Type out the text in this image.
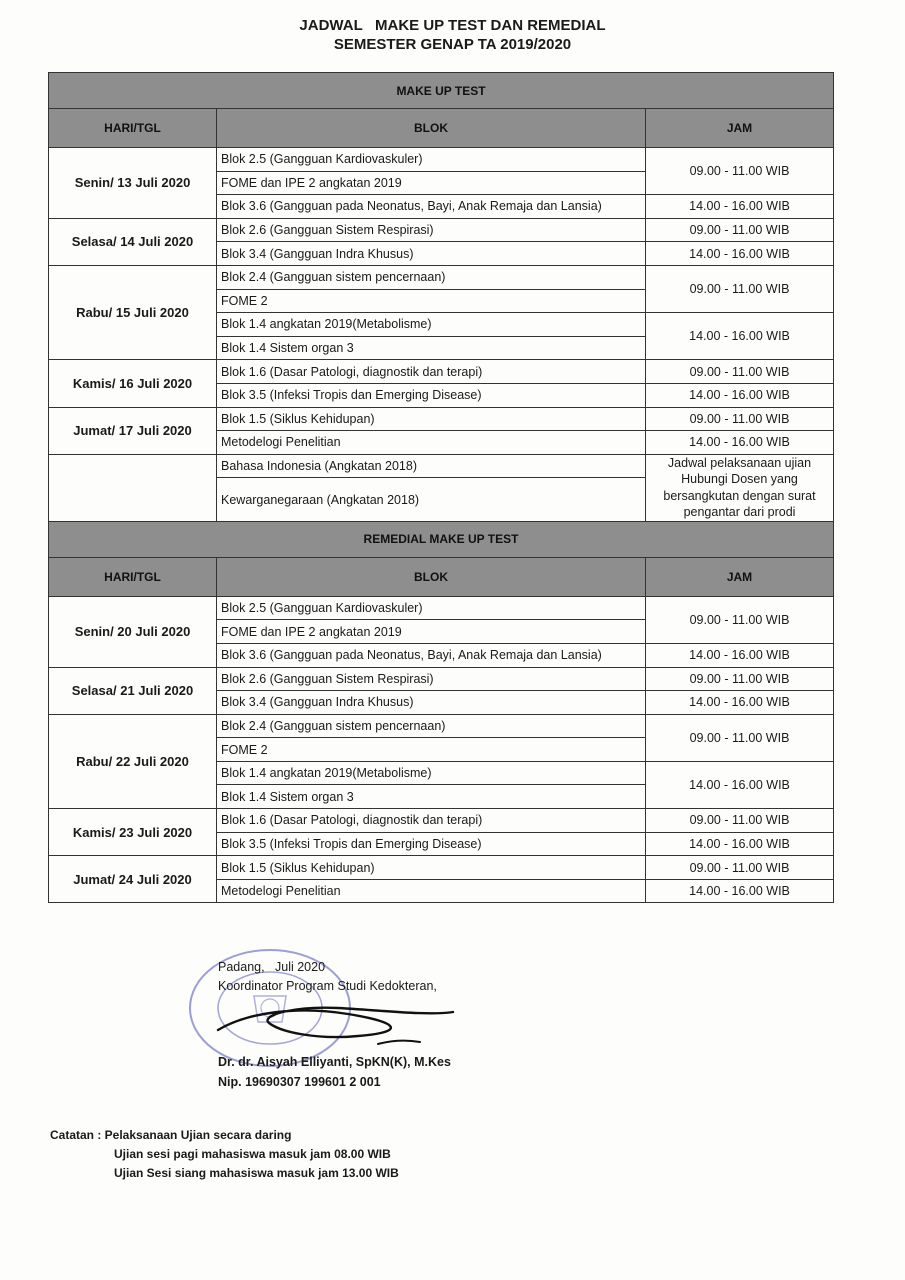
JADWAL   MAKE UP TEST DAN REMEDIAL
SEMESTER GENAP TA 2019/2020
MAKE UP TEST		
HARI/TGL	BLOK	JAM
Senin/ 13 Juli 2020	Blok 2.5 (Gangguan Kardiovaskuler)	09.00 - 11.00 WIB
	FOME dan IPE 2 angkatan 2019	
	Blok 3.6 (Gangguan pada Neonatus, Bayi, Anak Remaja dan Lansia)	14.00 - 16.00 WIB
Selasa/ 14 Juli 2020	Blok 2.6 (Gangguan Sistem Respirasi)	09.00 - 11.00 WIB
	Blok 3.4 (Gangguan Indra Khusus)	14.00 - 16.00 WIB
Rabu/ 15 Juli 2020	Blok 2.4 (Gangguan sistem pencernaan)	09.00 - 11.00 WIB
	FOME 2	
	Blok 1.4 angkatan 2019(Metabolisme)	14.00 - 16.00 WIB
	Blok 1.4 Sistem organ 3	
Kamis/ 16 Juli 2020	Blok 1.6 (Dasar Patologi, diagnostik dan terapi)	09.00 - 11.00 WIB
	Blok 3.5 (Infeksi Tropis dan Emerging Disease)	14.00 - 16.00 WIB
Jumat/ 17 Juli 2020	Blok 1.5 (Siklus Kehidupan)	09.00 - 11.00 WIB
	Metodelogi Penelitian	14.00 - 16.00 WIB
	Bahasa Indonesia (Angkatan 2018)	Jadwal pelaksanaan ujian
Hubungi Dosen yang
bersangkutan dengan surat
pengantar dari prodi

	Kewarganegaraan (Angkatan 2018)	
REMEDIAL MAKE UP TEST		
HARI/TGL	BLOK	JAM
Senin/ 20 Juli 2020	Blok 2.5 (Gangguan Kardiovaskuler)	09.00 - 11.00 WIB
	FOME dan IPE 2 angkatan 2019	
	Blok 3.6 (Gangguan pada Neonatus, Bayi, Anak Remaja dan Lansia)	14.00 - 16.00 WIB
Selasa/ 21 Juli 2020	Blok 2.6 (Gangguan Sistem Respirasi)	09.00 - 11.00 WIB
	Blok 3.4 (Gangguan Indra Khusus)	14.00 - 16.00 WIB
Rabu/ 22 Juli 2020	Blok 2.4 (Gangguan sistem pencernaan)	09.00 - 11.00 WIB
	FOME 2	
	Blok 1.4 angkatan 2019(Metabolisme)	14.00 - 16.00 WIB
	Blok 1.4 Sistem organ 3	
Kamis/ 23 Juli 2020	Blok 1.6 (Dasar Patologi, diagnostik dan terapi)	09.00 - 11.00 WIB
	Blok 3.5 (Infeksi Tropis dan Emerging Disease)	14.00 - 16.00 WIB
Jumat/ 24 Juli 2020	Blok 1.5 (Siklus Kehidupan)	09.00 - 11.00 WIB
	Metodelogi Penelitian	14.00 - 16.00 WIB
Padang,   Juli 2020
Koordinator Program Studi Kedokteran,
Dr. dr. Aisyah Elliyanti, SpKN(K), M.Kes
Nip. 19690307 199601 2 001
Catatan : Pelaksanaan Ujian secara daring
Ujian sesi pagi mahasiswa masuk jam 08.00 WIB
Ujian Sesi siang mahasiswa masuk jam 13.00 WIB
